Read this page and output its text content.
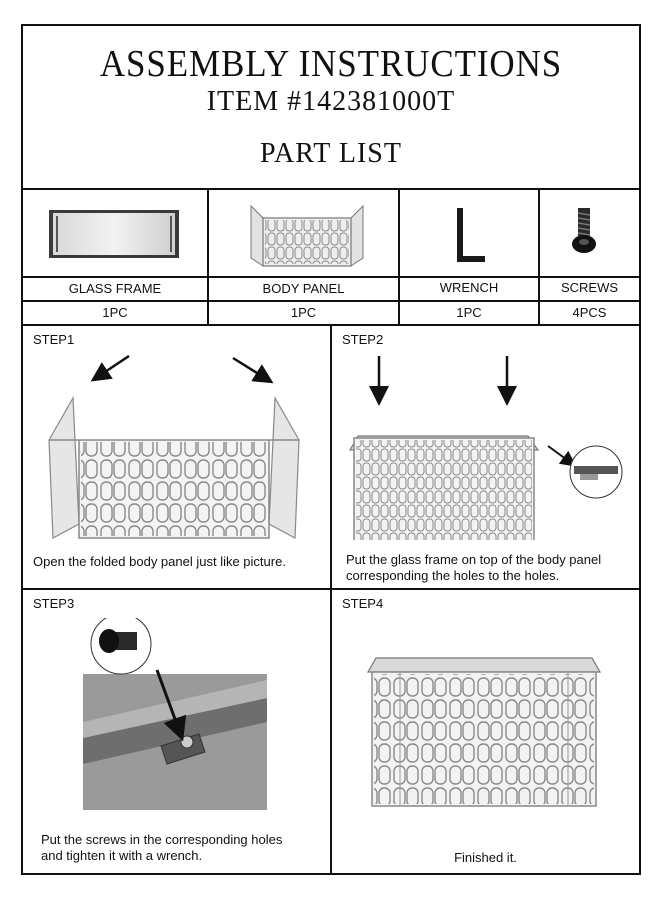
ASSEMBLY INSTRUCTIONS
ITEM #142381000T
PART LIST
GLASS FRAME	BODY PANEL	WRENCH	SCREWS
1PC	1PC	1PC	4PCS
STEP1
Open the folded body panel just like picture.
STEP2
Put the glass frame on top of the body panel
corresponding the holes to the holes.
STEP3
Put the screws in the corresponding holes
and tighten it with a wrench.
STEP4
Finished it.
